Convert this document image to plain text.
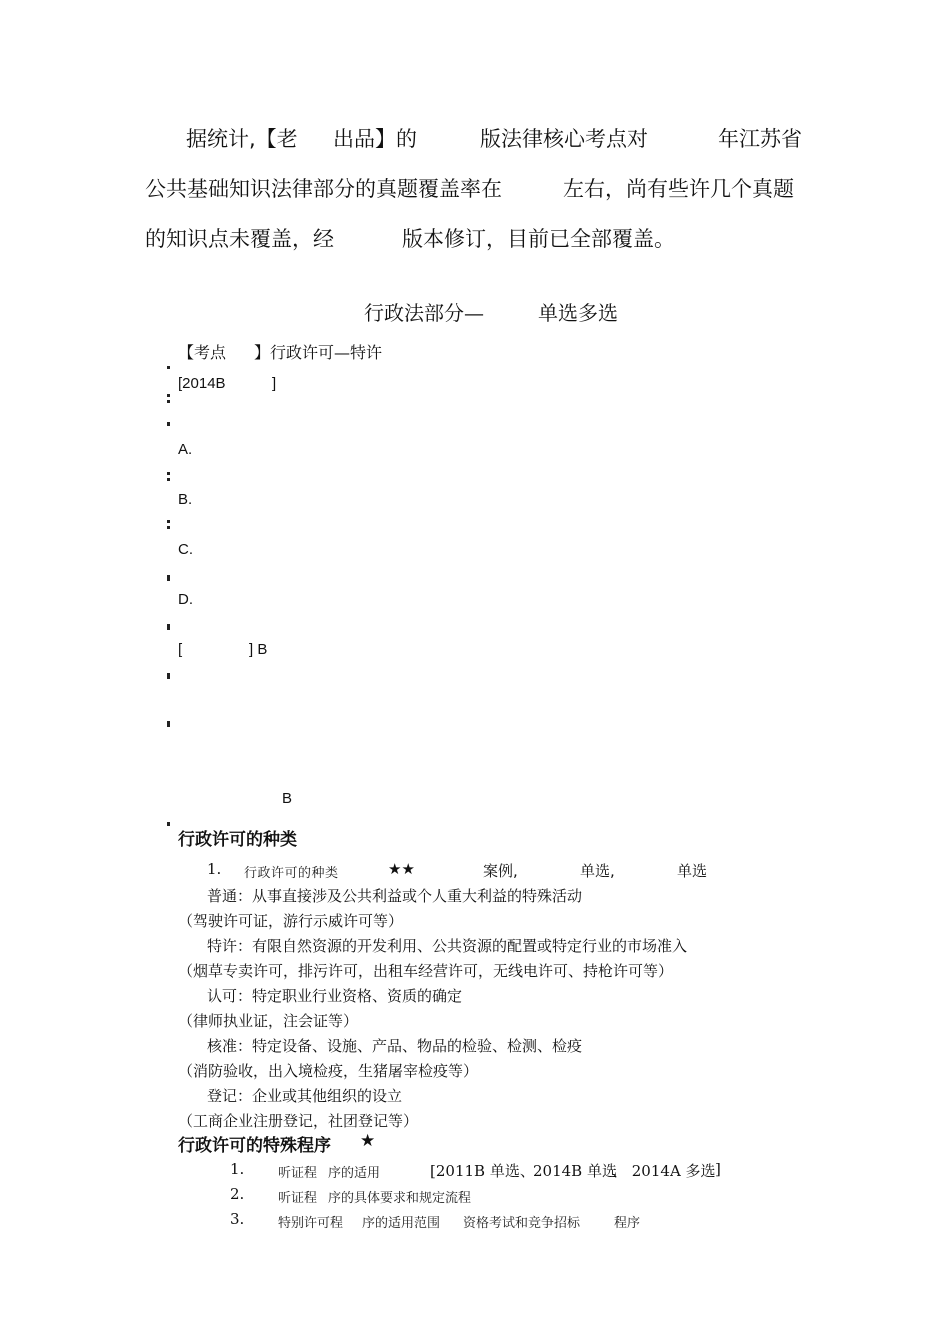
据统计,【老 出品】的	版法律核心考点对	年江苏省
公共基础知识法律部分的真题覆盖率在	左右，尚有些许几个真题
的知识点未覆盖，经	版本修订，目前已全部覆盖。
行政法部分—	单选多选
【考点 】行政许可—特许
[2014B	]
A.
B.
C.
D.
[	] B
B
行政许可的种类
1. 行政许可的种类	★★	案例,	单选,	单选
普通：从事直接涉及公共利益或个人重大利益的特殊活动
（驾驶许可证，游行示威许可等）
特许：有限自然资源的开发利用、公共资源的配置或特定行业的市场准入
（烟草专卖许可，排污许可，出租车经营许可，无线电许可、持枪许可等）
认可：特定职业行业资格、资质的确定
（律师执业证，注会证等）
核准：特定设备、设施、产品、物品的检验、检测、检疫
（消防验收，出入境检疫，生猪屠宰检疫等）
登记：企业或其他组织的设立
（工商企业注册登记，社团登记等）
行政许可的特殊程序 ★
1.	听证程 序的适用	[2011B 单选、
2014B 单选
、 2014A 多选 ]
2.	听证程 序的具体要求和规定流程
3.	特别许可程 序的适用范围 资格考试和竞争招标	程序
